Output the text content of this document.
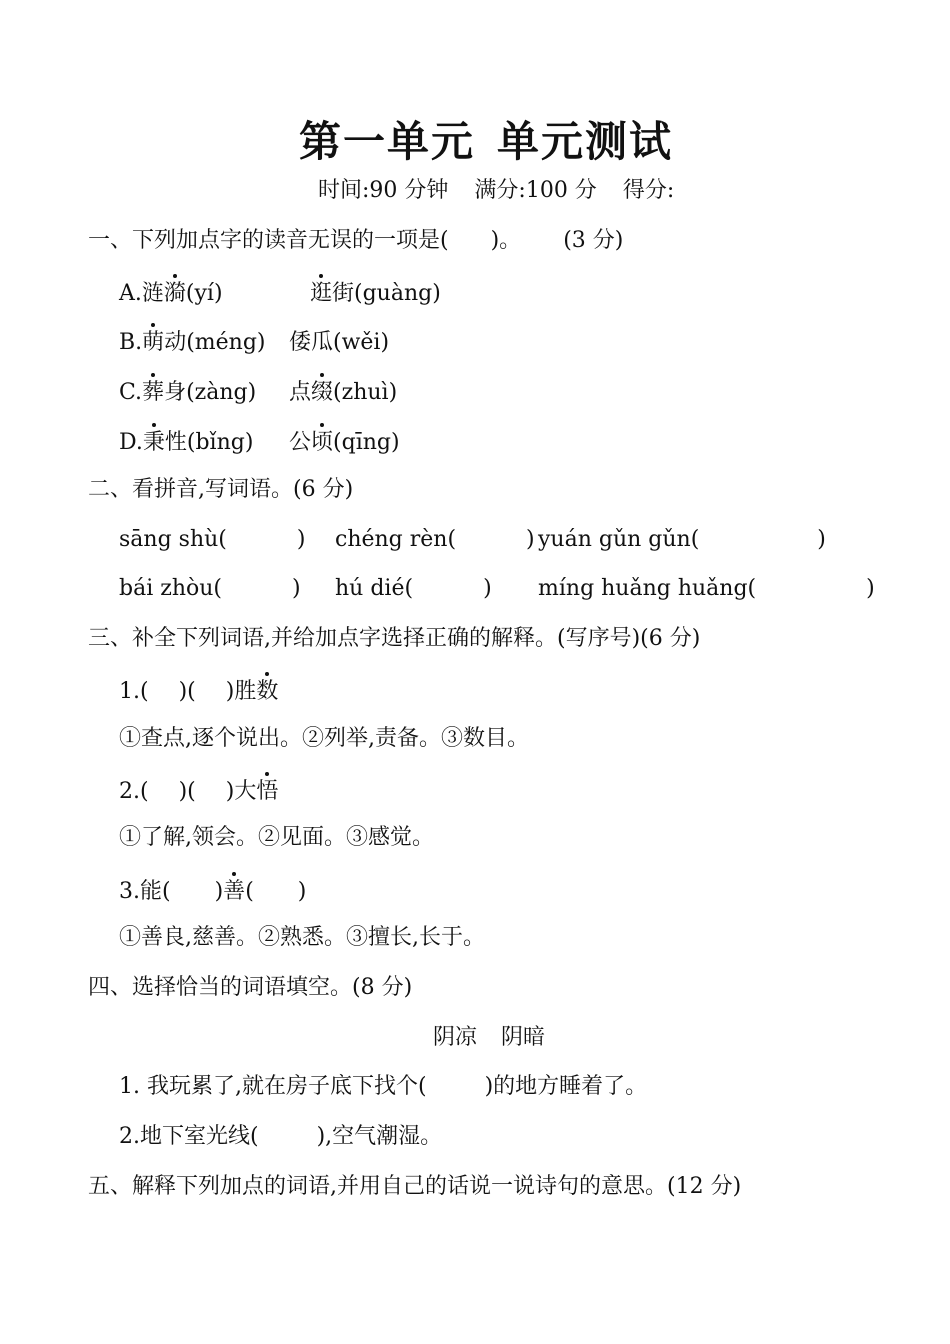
第一单元 单元测试
时间:90 分钟 满分:100 分 得分:
一、下列加点字的读音无误的一项是( )。 (3 分)
A.涟漪(yí)	逛街(guàng)
B.萌动(méng) 倭瓜(wěi)
C.葬身(zàng) 点缀(zhuì)
D.秉性(bǐng) 公顷(qīng)
二、看拼音,写词语。(6 分)
sāng shù(	) chéng rèn(	) yuán gǔn gǔn(	)
bái zhòu(	) hú dié(	) míng huǎng huǎng(	)
三、补全下列词语,并给加点字选择正确的解释。(写序号)(6 分)
1.( )( )胜数
①查点,逐个说出。②列举,责备。③数目。
2.( )( )大悟
①了解,领会。②见面。③感觉。
3.能( )善( )
①善良,慈善。②熟悉。③擅长,长于。
四、选择恰当的词语填空。(8 分)
阴凉 阴暗
1. 我玩累了,就在房子底下找个(	)的地方睡着了。
2.地下室光线(	),空气潮湿。
五、解释下列加点的词语,并用自己的话说一说诗句的意思。(12 分)
